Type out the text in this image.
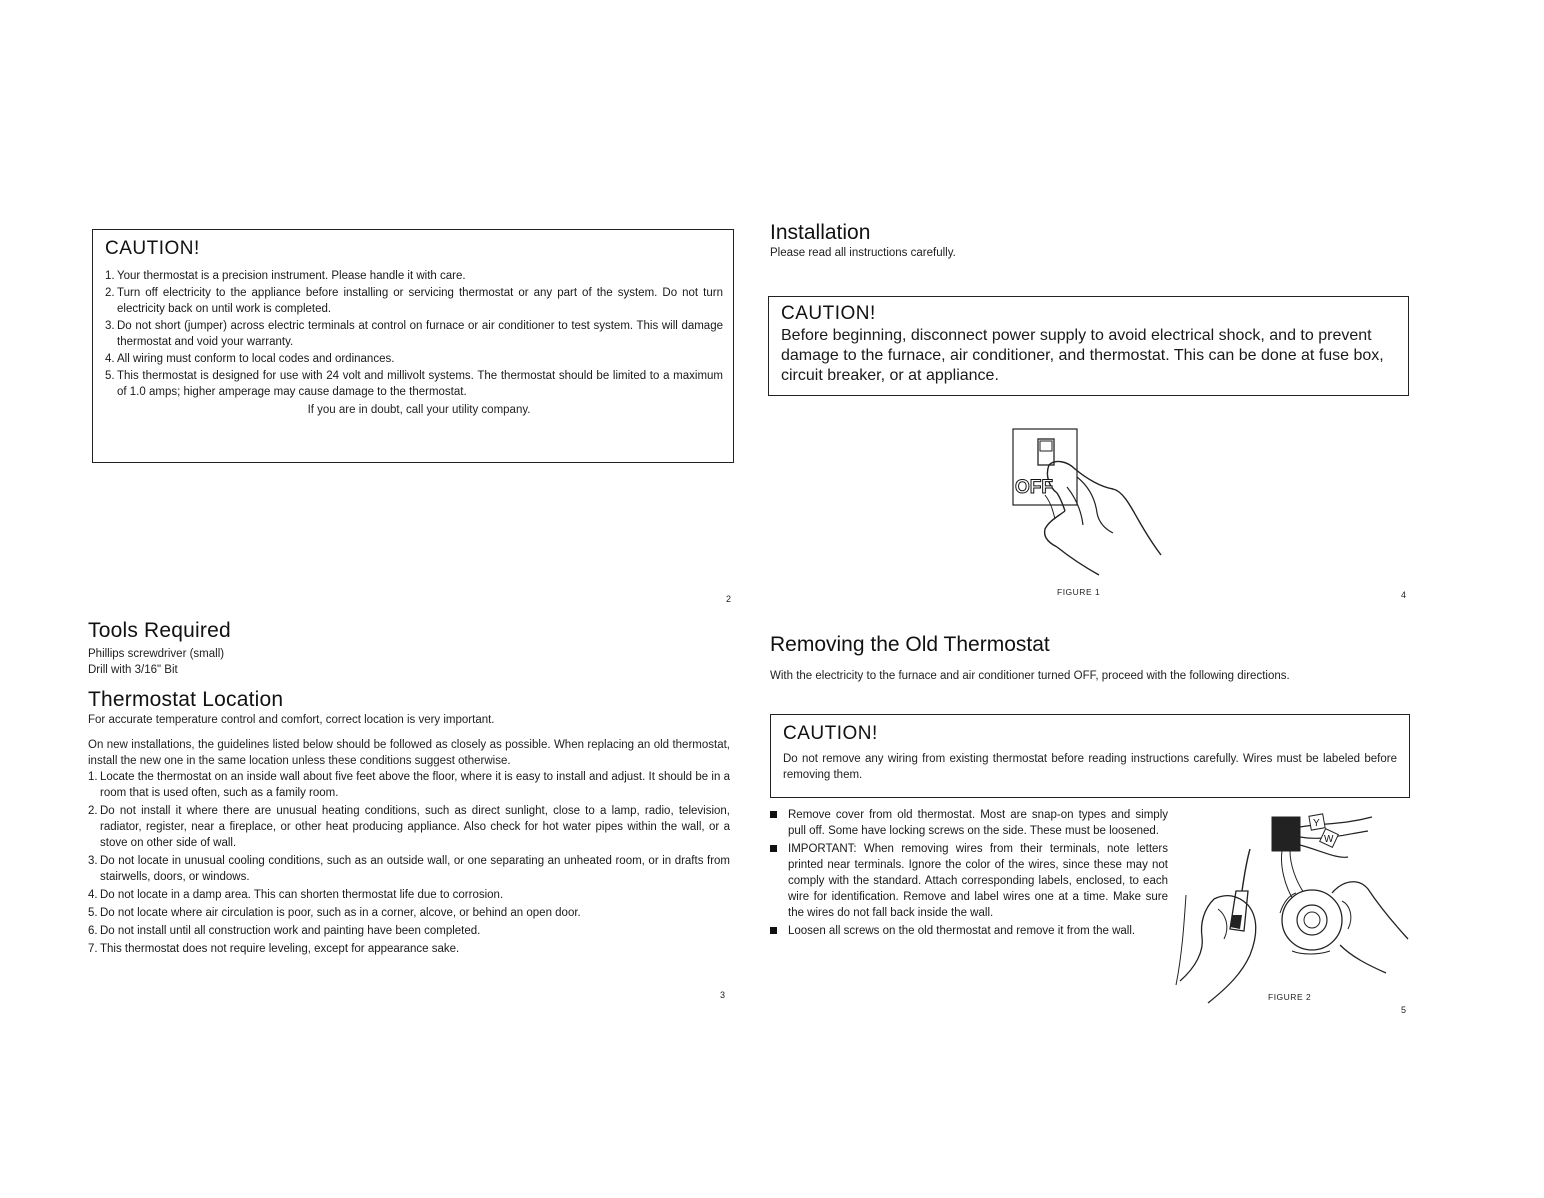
CAUTION!
1. Your thermostat is a precision instrument. Please handle it with care.
2. Turn off electricity to the appliance before installing or servicing thermostat or any part of the system. Do not turn electricity back on until work is completed.
3. Do not short (jumper) across electric terminals at control on furnace or air conditioner to test system. This will damage thermostat and void your warranty.
4. All wiring must conform to local codes and ordinances.
5. This thermostat is designed for use with 24 volt and millivolt systems. The thermostat should be limited to a maximum of 1.0 amps; higher amperage may cause damage to the thermostat.
If you are in doubt, call your utility company.
2
Tools Required
Phillips screwdriver (small)
Drill with 3/16" Bit
Thermostat Location
For accurate temperature control and comfort, correct location is very important.
On new installations, the guidelines listed below should be followed as closely as possible. When replacing an old thermostat, install the new one in the same location unless these conditions suggest otherwise.
1. Locate the thermostat on an inside wall about five feet above the floor, where it is easy to install and adjust. It should be in a room that is used often, such as a family room.
2. Do not install it where there are unusual heating conditions, such as direct sunlight, close to a lamp, radio, television, radiator, register, near a fireplace, or other heat producing appliance. Also check for hot water pipes within the wall, or a stove on other side of wall.
3. Do not locate in unusual cooling conditions, such as an outside wall, or one separating an unheated room, or in drafts from stairwells, doors, or windows.
4. Do not locate in a damp area. This can shorten thermostat life due to corrosion.
5. Do not locate where air circulation is poor, such as in a corner, alcove, or behind an open door.
6. Do not install until all construction work and painting have been completed.
7. This thermostat does not require leveling, except for appearance sake.
3
Installation
Please read all instructions carefully.
CAUTION!
Before beginning, disconnect power supply to avoid electrical shock, and to prevent damage to the furnace, air conditioner, and thermostat. This can be done at fuse box, circuit breaker, or at appliance.
OFF
FIGURE 1	4
Removing the Old Thermostat
With the electricity to the furnace and air conditioner turned OFF, proceed with the following directions.
CAUTION!
Do not remove any wiring from existing thermostat before reading instructions carefully. Wires must be labeled before removing them.
Remove cover from old thermostat. Most are snap-on types and simply pull off. Some have locking screws on the side. These must be loosened.
IMPORTANT: When removing wires from their terminals, note letters printed near terminals. Ignore the color of the wires, since these may not comply with the standard. Attach corresponding labels, enclosed, to each wire for identification. Remove and label wires one at a time. Make sure the wires do not fall back inside the wall.
Loosen all screws on the old thermostat and remove it from the wall.
Y
W
FIGURE 2
5
